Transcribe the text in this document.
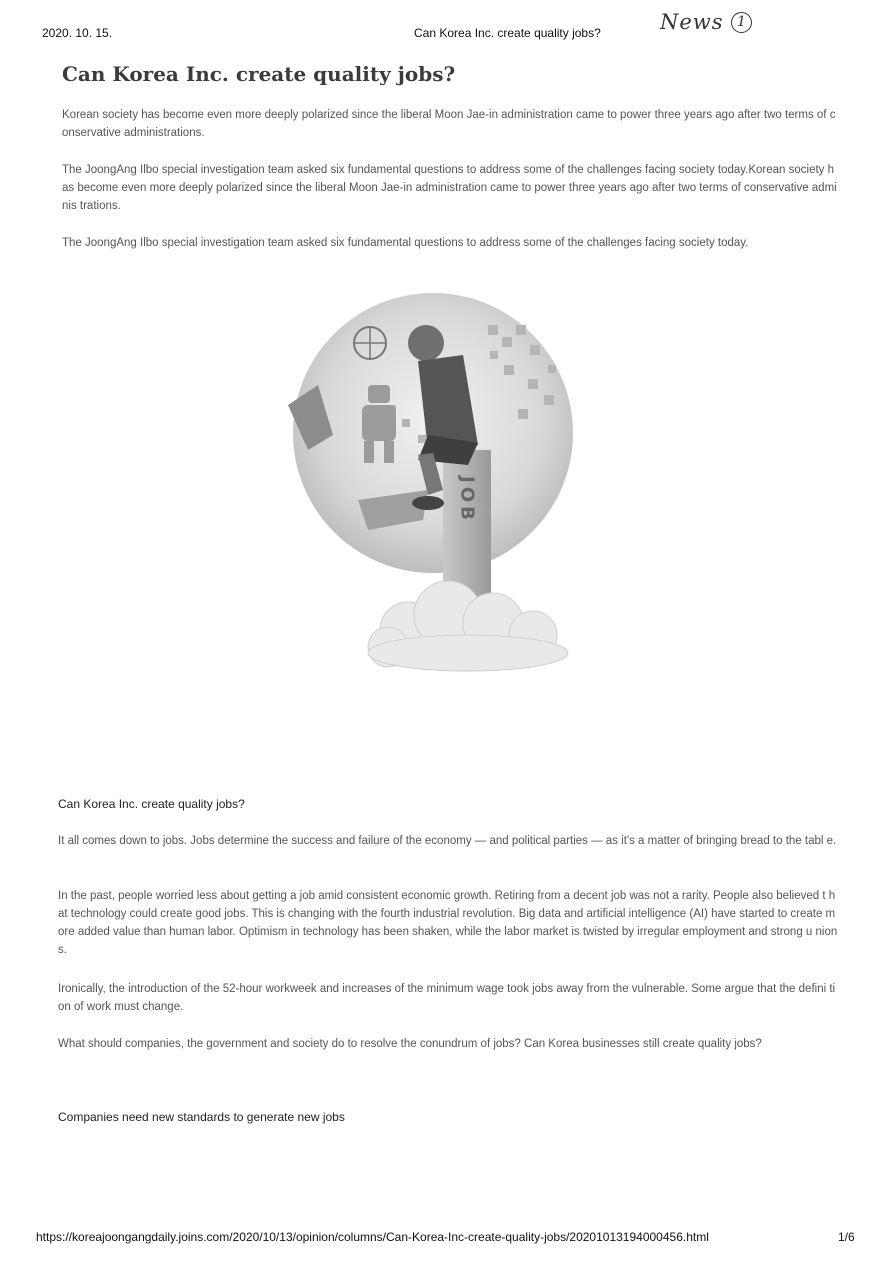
2020. 10. 15.	Can Korea Inc. create quality jobs?	News 1
Can Korea Inc. create quality jobs?

Korean society has become even more deeply polarized since the liberal Moon Jae-in administration came to power three years ago after two terms of c onservative administrations.

The JoongAng Ilbo special investigation team asked six fundamental questions to address some of the challenges facing society today.Korean society has become even more deeply polarized since the liberal Moon Jae-in administration came to power three years ago after two terms of conservative adminis trations.

The JoongAng Ilbo special investigation team asked six fundamental questions to address some of the challenges facing society today.

JOB
Can Korea Inc. create quality jobs?

It all comes down to jobs. Jobs determine the success and failure of the economy — and political parties — as it's a matter of bringing bread to the tabl e.

In the past, people worried less about getting a job amid consistent economic growth. Retiring from a decent job was not a rarity. People also believed t hat technology could create good jobs. This is changing with the fourth industrial revolution. Big data and artificial intelligence (AI) have started to create more added value than human labor. Optimism in technology has been shaken, while the labor market is twisted by irregular employment and strong u nions.

Ironically, the introduction of the 52-hour workweek and increases of the minimum wage took jobs away from the vulnerable. Some argue that the defini tion of work must change.

What should companies, the government and society do to resolve the conundrum of jobs? Can Korea businesses still create quality jobs?

Companies need new standards to generate new jobs
https://koreajoongangdaily.joins.com/2020/10/13/opinion/columns/Can-Korea-Inc-create-quality-jobs/20201013194000456.html	1/6
